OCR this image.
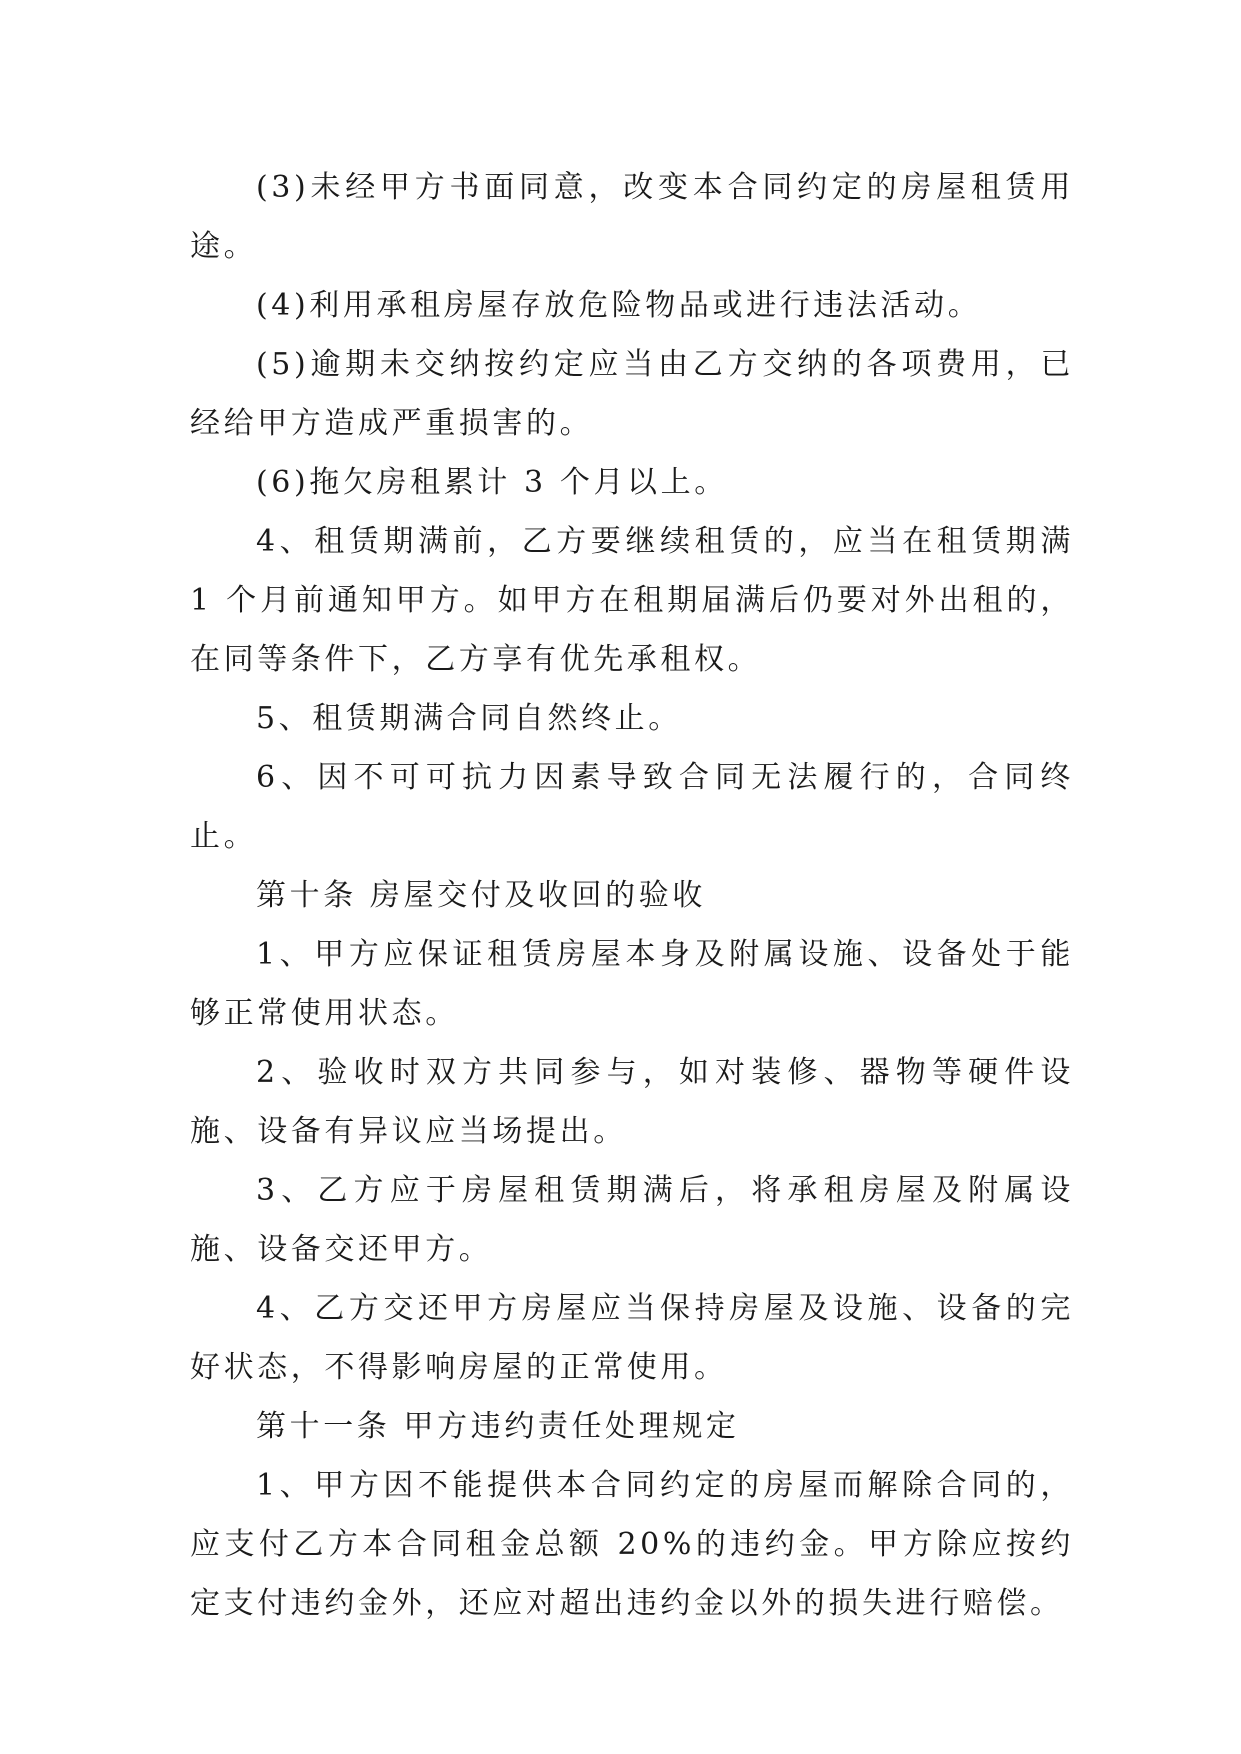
(3)未经甲方书面同意，改变本合同约定的房屋租赁用途。

(4)利用承租房屋存放危险物品或进行违法活动。

(5)逾期未交纳按约定应当由乙方交纳的各项费用，已经给甲方造成严重损害的。

(6)拖欠房租累计 3 个月以上。

4、租赁期满前，乙方要继续租赁的，应当在租赁期满 1 个月前通知甲方。如甲方在租期届满后仍要对外出租的，在同等条件下，乙方享有优先承租权。

5、租赁期满合同自然终止。

6、因不可可抗力因素导致合同无法履行的，合同终止。

第十条 房屋交付及收回的验收

1、甲方应保证租赁房屋本身及附属设施、设备处于能够正常使用状态。

2、验收时双方共同参与，如对装修、器物等硬件设施、设备有异议应当场提出。

3、乙方应于房屋租赁期满后，将承租房屋及附属设施、设备交还甲方。

4、乙方交还甲方房屋应当保持房屋及设施、设备的完好状态，不得影响房屋的正常使用。

第十一条 甲方违约责任处理规定

1、甲方因不能提供本合同约定的房屋而解除合同的，应支付乙方本合同租金总额 20%的违约金。甲方除应按约定支付违约金外，还应对超出违约金以外的损失进行赔偿。
